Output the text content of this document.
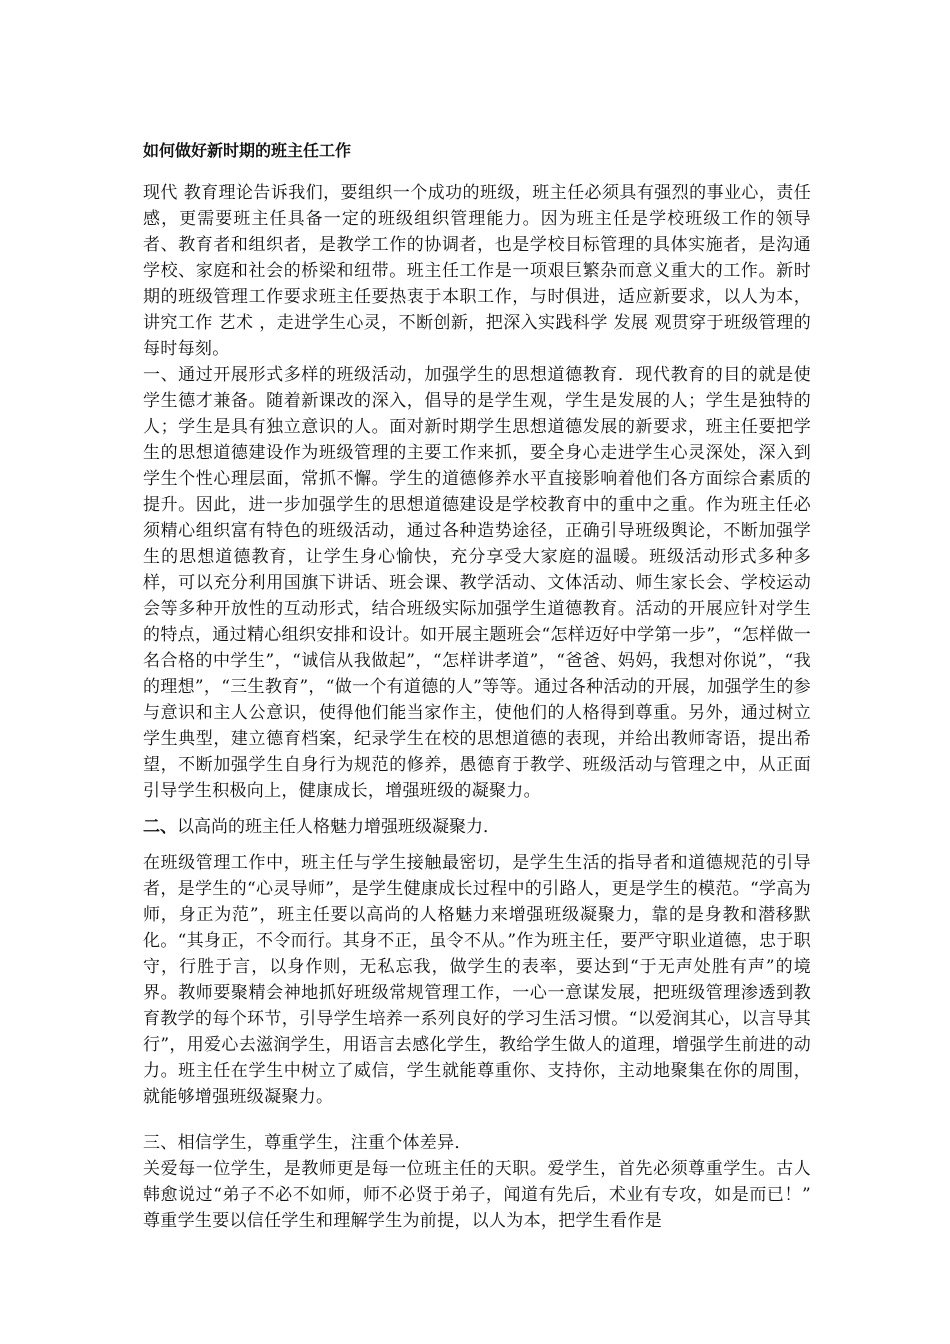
如何做好新时期的班主任工作

现代 教育理论告诉我们，要组织一个成功的班级，班主任必须具有强烈的事业心，责任感，更需要班主任具备一定的班级组织管理能力。因为班主任是学校班级工作的领导者、教育者和组织者，是教学工作的协调者，也是学校目标管理的具体实施者，是沟通学校、家庭和社会的桥梁和纽带。班主任工作是一项艰巨繁杂而意义重大的工作。新时期的班级管理工作要求班主任要热衷于本职工作，与时俱进，适应新要求，以人为本，讲究工作 艺术 ，走进学生心灵，不断创新，把深入实践科学 发展 观贯穿于班级管理的每时每刻。

一、通过开展形式多样的班级活动，加强学生的思想道德教育．现代教育的目的就是使学生德才兼备。随着新课改的深入，倡导的是学生观，学生是发展的人；学生是独特的人；学生是具有独立意识的人。面对新时期学生思想道德发展的新要求，班主任要把学生的思想道德建设作为班级管理的主要工作来抓，要全身心走进学生心灵深处，深入到学生个性心理层面，常抓不懈。学生的道德修养水平直接影响着他们各方面综合素质的提升。因此，进一步加强学生的思想道德建设是学校教育中的重中之重。作为班主任必须精心组织富有特色的班级活动，通过各种造势途径，正确引导班级舆论，不断加强学生的思想道德教育，让学生身心愉快，充分享受大家庭的温暖。班级活动形式多种多样，可以充分利用国旗下讲话、班会课、教学活动、文体活动、师生家长会、学校运动会等多种开放性的互动形式，结合班级实际加强学生道德教育。活动的开展应针对学生的特点，通过精心组织安排和设计。如开展主题班会“怎样迈好中学第一步”，“怎样做一名合格的中学生”，“诚信从我做起”，“怎样讲孝道”，“爸爸、妈妈，我想对你说”，“我的理想”，“三生教育”，“做一个有道德的人”等等。通过各种活动的开展，加强学生的参与意识和主人公意识，使得他们能当家作主，使他们的人格得到尊重。另外，通过树立学生典型，建立德育档案，纪录学生在校的思想道德的表现，并给出教师寄语，提出希望，不断加强学生自身行为规范的修养，愚德育于教学、班级活动与管理之中，从正面引导学生积极向上，健康成长，增强班级的凝聚力。

二、以高尚的班主任人格魅力增强班级凝聚力．

在班级管理工作中，班主任与学生接触最密切，是学生生活的指导者和道德规范的引导者，是学生的“心灵导师”，是学生健康成长过程中的引路人，更是学生的模范。“学高为师，身正为范”，班主任要以高尚的人格魅力来增强班级凝聚力，靠的是身教和潜移默化。“其身正，不令而行。其身不正，虽令不从。”作为班主任，要严守职业道德，忠于职守，行胜于言，以身作则，无私忘我，做学生的表率，要达到“于无声处胜有声”的境界。教师要聚精会神地抓好班级常规管理工作，一心一意谋发展，把班级管理渗透到教育教学的每个环节，引导学生培养一系列良好的学习生活习惯。“以爱润其心，以言导其行”，用爱心去滋润学生，用语言去感化学生，教给学生做人的道理，增强学生前进的动力。班主任在学生中树立了威信，学生就能尊重你、支持你，主动地聚集在你的周围，就能够增强班级凝聚力。

三、相信学生，尊重学生，注重个体差异．

关爱每一位学生，是教师更是每一位班主任的天职。爱学生，首先必须尊重学生。古人韩愈说过“弟子不必不如师，师不必贤于弟子，闻道有先后，术业有专攻，如是而已！” 尊重学生要以信任学生和理解学生为前提，以人为本，把学生看作是
